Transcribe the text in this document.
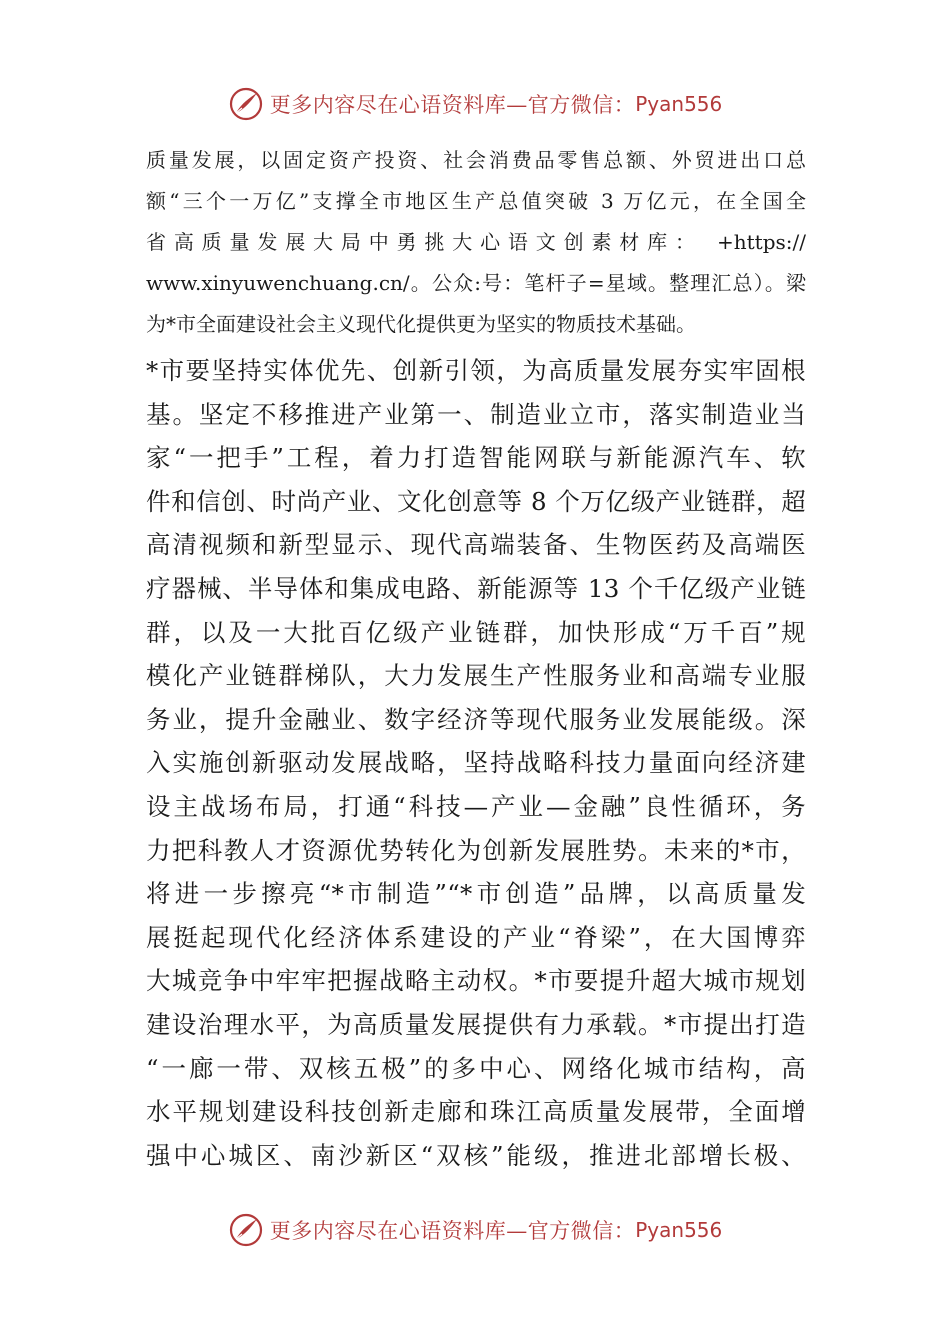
更多内容尽在心语资料库—官方微信： Pyan556

质量发展，以固定资产投资、社会消费品零售总额、外贸进出口总

额“三个一万亿”支撑全市地区生产总值突破 3 万亿元，在全国全

省高质量发展大局中勇挑大心语文创素材库： +https://

www.xinyuwenchuang.cn/。公众:号：笔杆子=星域。整理汇总）。梁

为*市全面建设社会主义现代化提供更为坚实的物质技术基础。

*市要坚持实体优先、创新引领，为高质量发展夯实牢固根

基。坚定不移推进产业第一、制造业立市，落实制造业当

家“一把手”工程，着力打造智能网联与新能源汽车、软

件和信创、时尚产业、文化创意等 8 个万亿级产业链群，超

高清视频和新型显示、现代高端装备、生物医药及高端医

疗器械、半导体和集成电路、新能源等 13 个千亿级产业链

群，以及一大批百亿级产业链群，加快形成“万千百”规

模化产业链群梯队，大力发展生产性服务业和高端专业服

务业，提升金融业、数字经济等现代服务业发展能级。深

入实施创新驱动发展战略，坚持战略科技力量面向经济建

设主战场布局，打通“科技—产业—金融”良性循环，务

力把科教人才资源优势转化为创新发展胜势。未来的*市，

将进一步擦亮“*市制造”“*市创造”品牌，以高质量发

展挺起现代化经济体系建设的产业“脊梁”，在大国博弈

大城竞争中牢牢把握战略主动权。*市要提升超大城市规划

建设治理水平，为高质量发展提供有力承载。*市提出打造

“一廊一带、双核五极”的多中心、网络化城市结构，高

水平规划建设科技创新走廊和珠江高质量发展带，全面增

强中心城区、南沙新区“双核”能级，推进北部增长极、

更多内容尽在心语资料库—官方微信： Pyan556
